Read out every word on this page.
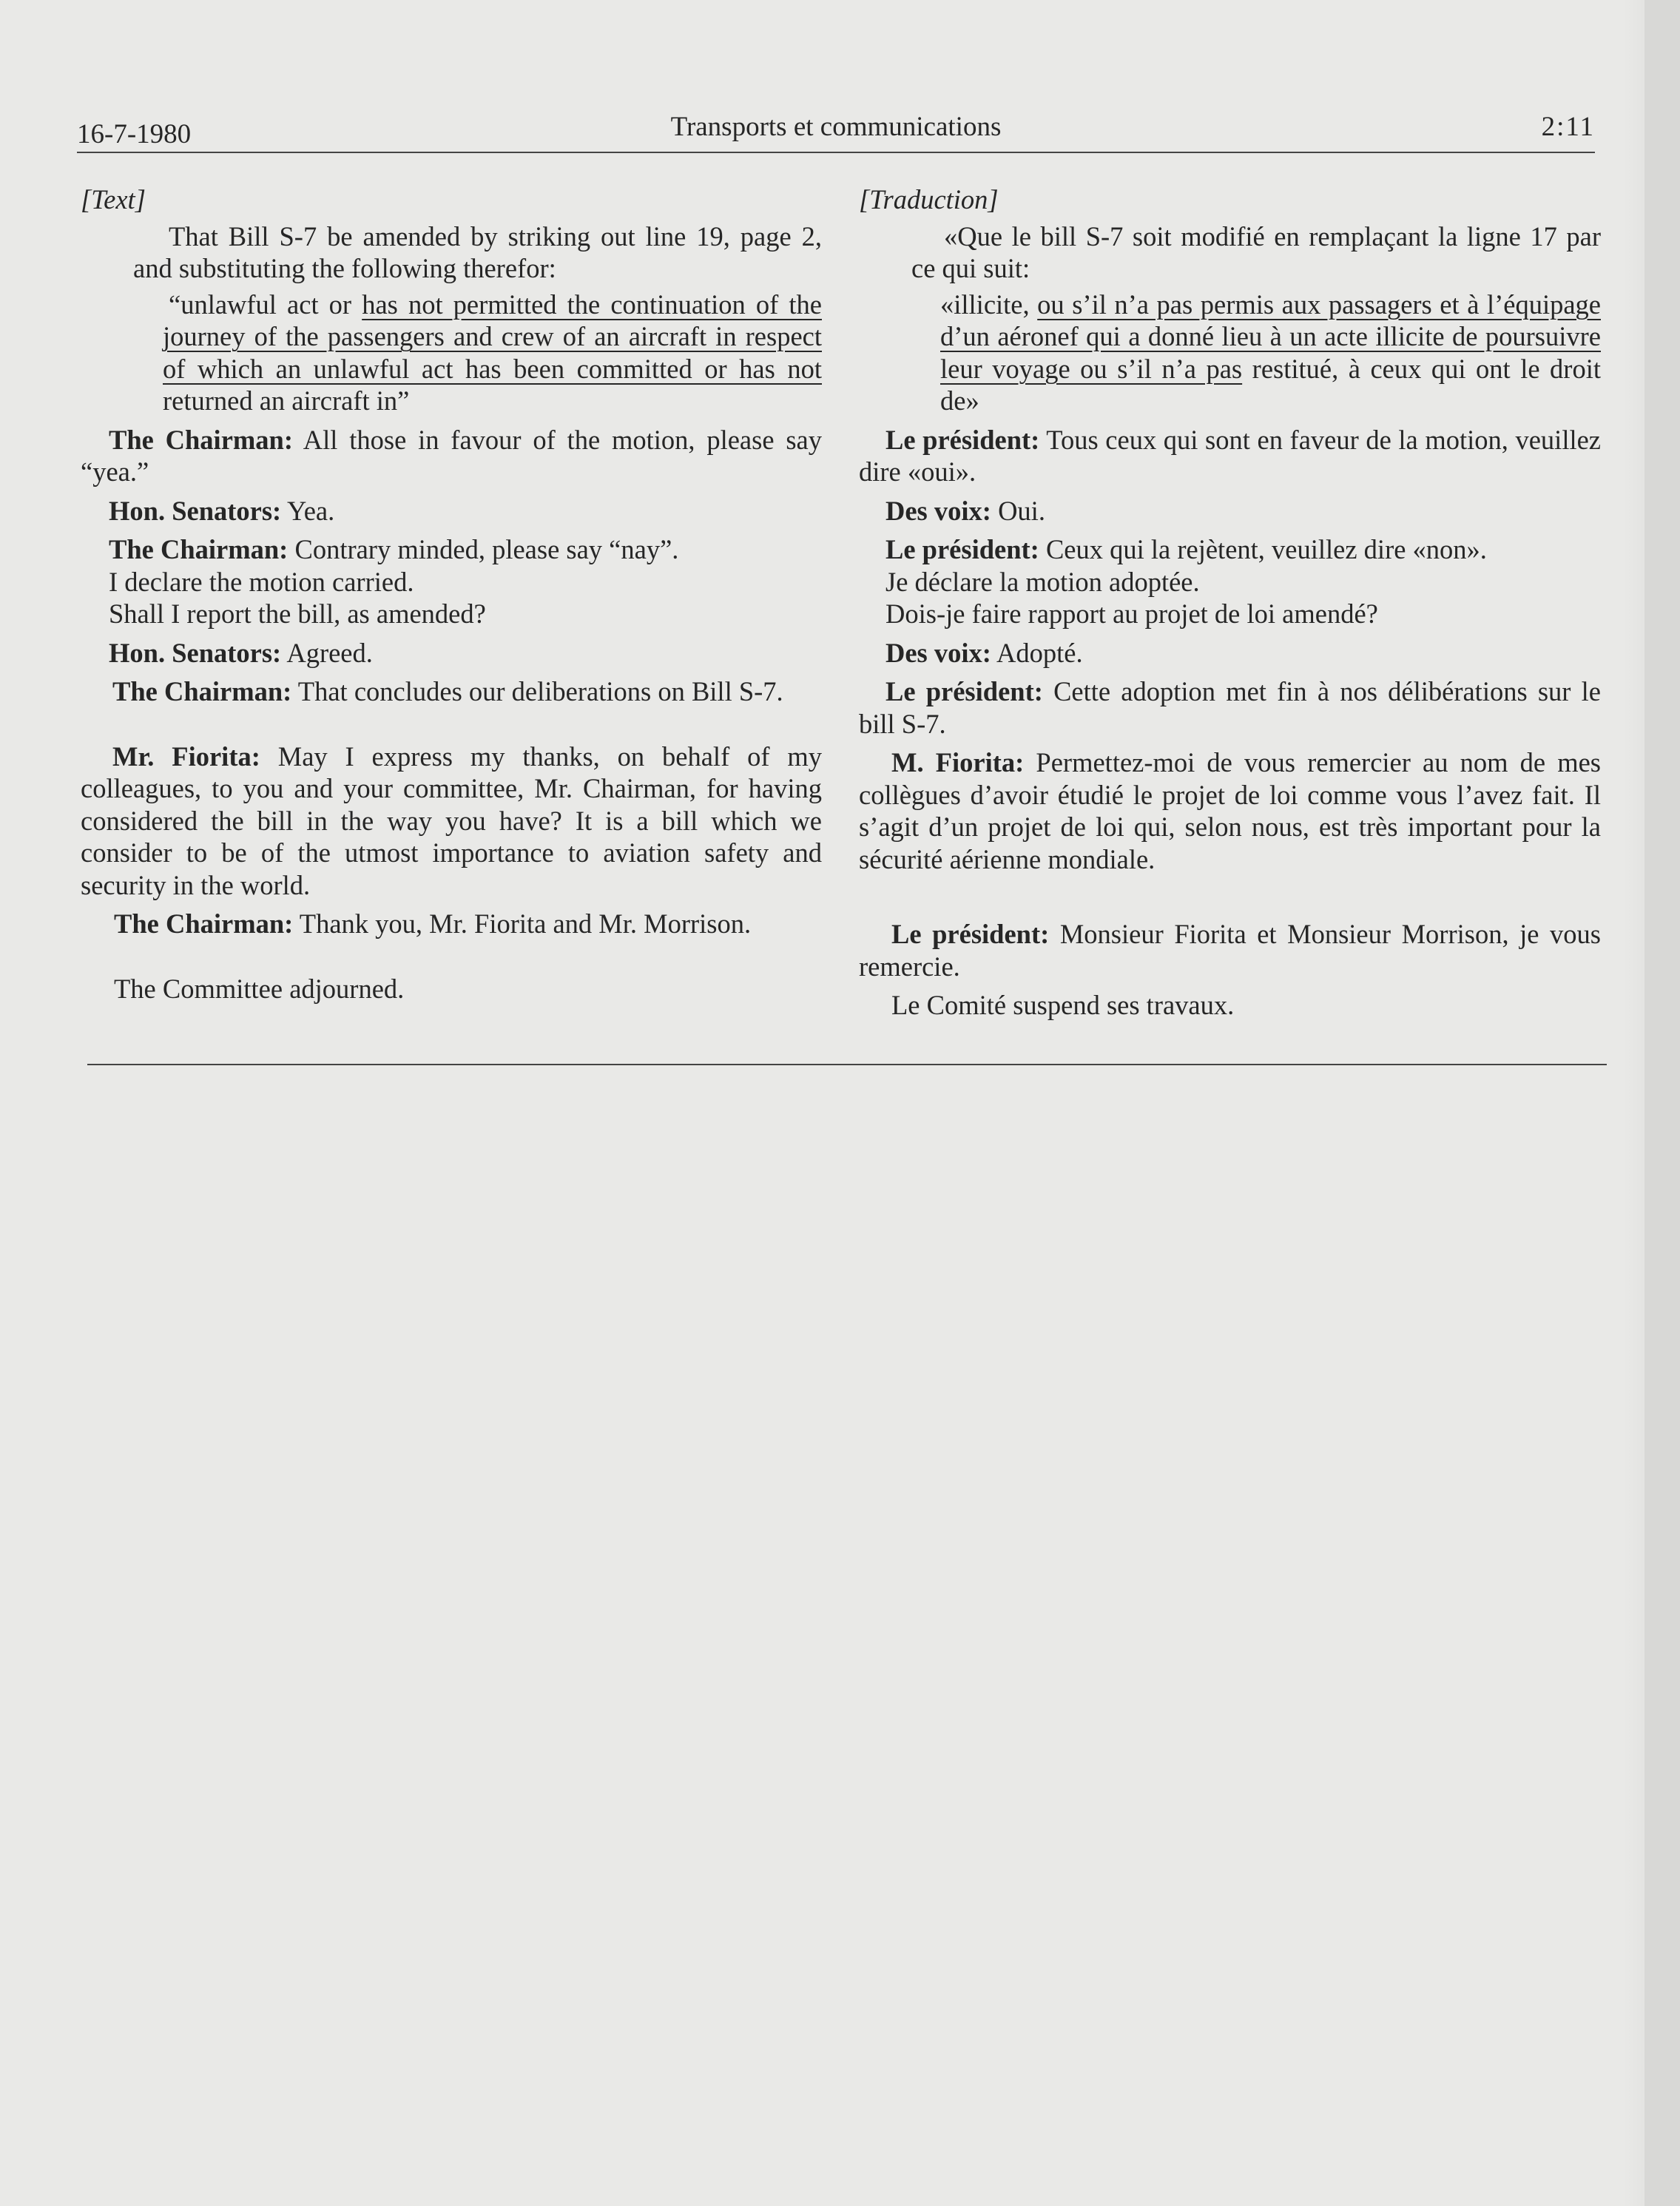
16-7-1980	Transports et communications	2:11

[Text]

That Bill S-7 be amended by striking out line 19, page 2, and substituting the following therefor:

“unlawful act or has not permitted the continuation of the journey of the passengers and crew of an aircraft in respect of which an unlawful act has been committed or has not returned an aircraft in”

The Chairman: All those in favour of the motion, please say “yea.”

Hon. Senators: Yea.

The Chairman: Contrary minded, please say “nay”.

I declare the motion carried.

Shall I report the bill, as amended?

Hon. Senators: Agreed.

The Chairman: That concludes our deliberations on Bill S-7.

Mr. Fiorita: May I express my thanks, on behalf of my colleagues, to you and your committee, Mr. Chairman, for having considered the bill in the way you have? It is a bill which we consider to be of the utmost importance to aviation safety and security in the world.

The Chairman: Thank you, Mr. Fiorita and Mr. Morrison.

The Committee adjourned.

[Traduction]

«Que le bill S-7 soit modifié en remplaçant la ligne 17 par ce qui suit:

«illicite, ou s’il n’a pas permis aux passagers et à l’équipage d’un aéronef qui a donné lieu à un acte illicite de poursuivre leur voyage ou s’il n’a pas restitué, à ceux qui ont le droit de»

Le président: Tous ceux qui sont en faveur de la motion, veuillez dire «oui».

Des voix: Oui.

Le président: Ceux qui la rejètent, veuillez dire «non».

Je déclare la motion adoptée.

Dois-je faire rapport au projet de loi amendé?

Des voix: Adopté.

Le président: Cette adoption met fin à nos délibérations sur le bill S-7.

M. Fiorita: Permettez-moi de vous remercier au nom de mes collègues d’avoir étudié le projet de loi comme vous l’avez fait. Il s’agit d’un projet de loi qui, selon nous, est très important pour la sécurité aérienne mondiale.

Le président: Monsieur Fiorita et Monsieur Morrison, je vous remercie.

Le Comité suspend ses travaux.
